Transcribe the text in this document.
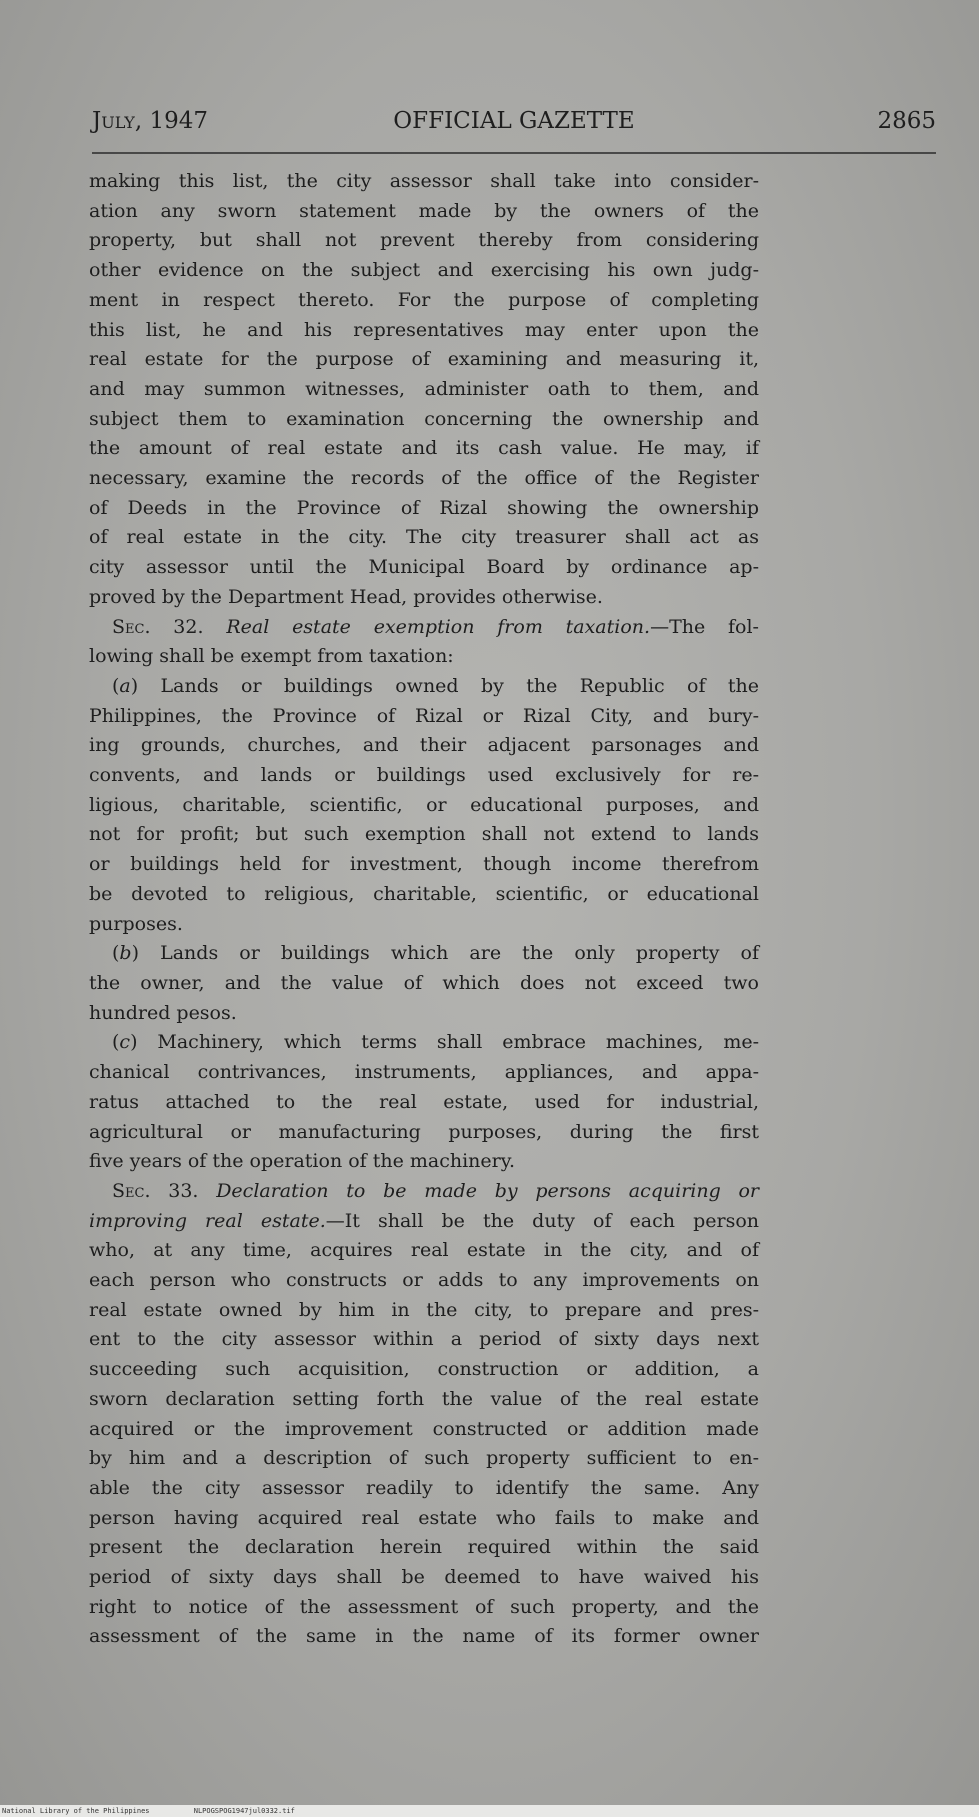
July, 1947	OFFICIAL GAZETTE	2865
making this list, the city assessor shall take into consider-
ation any sworn statement made by the owners of the
property, but shall not prevent thereby from considering
other evidence on the subject and exercising his own judg-
ment in respect thereto. For the purpose of completing
this list, he and his representatives may enter upon the
real estate for the purpose of examining and measuring it,
and may summon witnesses, administer oath to them, and
subject them to examination concerning the ownership and
the amount of real estate and its cash value. He may, if
necessary, examine the records of the office of the Register
of Deeds in the Province of Rizal showing the ownership
of real estate in the city. The city treasurer shall act as
city assessor until the Municipal Board by ordinance ap-
proved by the Department Head, provides otherwise.
Sec. 32. Real estate exemption from taxation.—The fol-
lowing shall be exempt from taxation:
(a) Lands or buildings owned by the Republic of the
Philippines, the Province of Rizal or Rizal City, and bury-
ing grounds, churches, and their adjacent parsonages and
convents, and lands or buildings used exclusively for re-
ligious, charitable, scientific, or educational purposes, and
not for profit; but such exemption shall not extend to lands
or buildings held for investment, though income therefrom
be devoted to religious, charitable, scientific, or educational
purposes.
(b) Lands or buildings which are the only property of
the owner, and the value of which does not exceed two
hundred pesos.
(c) Machinery, which terms shall embrace machines, me-
chanical contrivances, instruments, appliances, and appa-
ratus attached to the real estate, used for industrial,
agricultural or manufacturing purposes, during the first
five years of the operation of the machinery.
Sec. 33. Declaration to be made by persons acquiring or
improving real estate.—It shall be the duty of each person
who, at any time, acquires real estate in the city, and of
each person who constructs or adds to any improvements on
real estate owned by him in the city, to prepare and pres-
ent to the city assessor within a period of sixty days next
succeeding such acquisition, construction or addition, a
sworn declaration setting forth the value of the real estate
acquired or the improvement constructed or addition made
by him and a description of such property sufficient to en-
able the city assessor readily to identify the same. Any
person having acquired real estate who fails to make and
present the declaration herein required within the said
period of sixty days shall be deemed to have waived his
right to notice of the assessment of such property, and the
assessment of the same in the name of its former owner
National Library of the Philippines	NLPOGSPOG1947jul0332.tif
